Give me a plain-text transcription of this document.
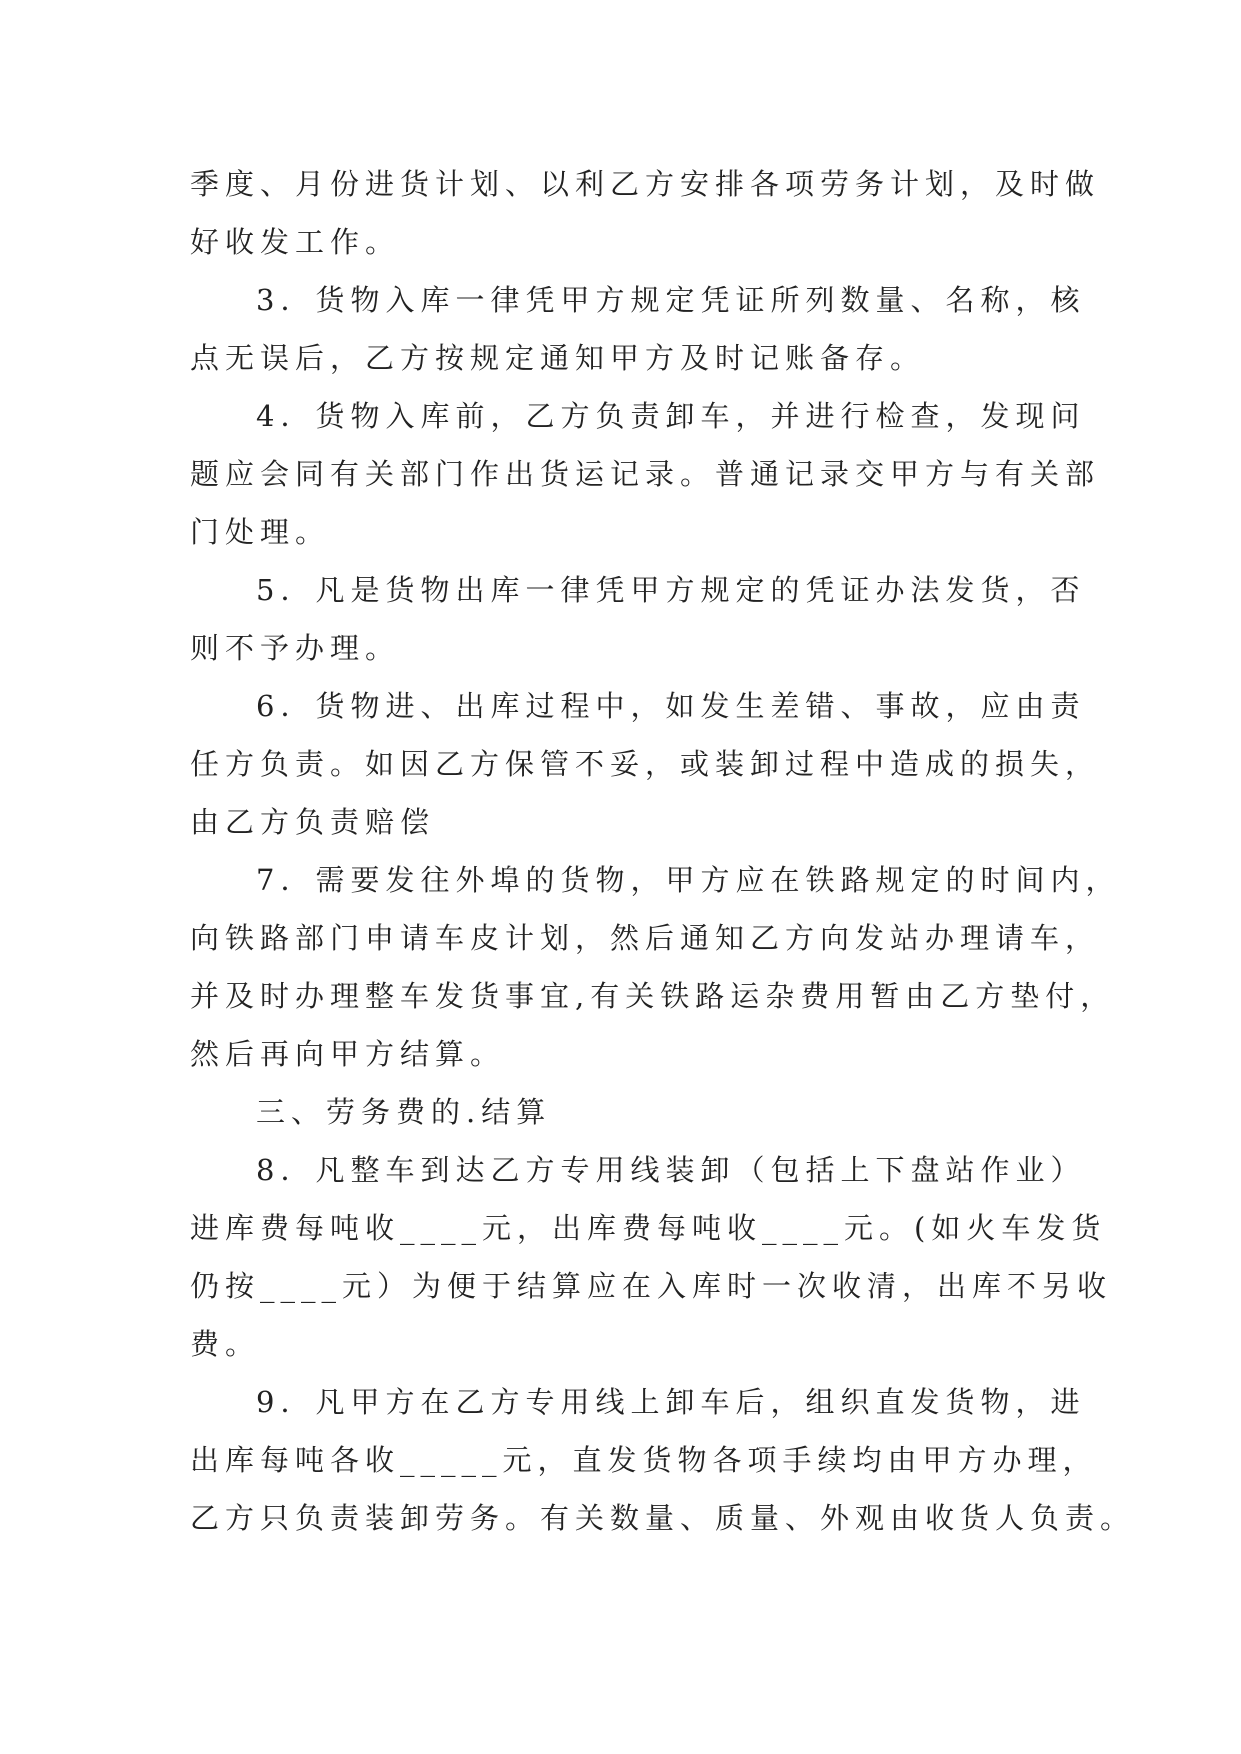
季度、月份进货计划、以利乙方安排各项劳务计划，及时做
好收发工作。
3．货物入库一律凭甲方规定凭证所列数量、名称，核
点无误后，乙方按规定通知甲方及时记账备存。
4．货物入库前，乙方负责卸车，并进行检查，发现问
题应会同有关部门作出货运记录。普通记录交甲方与有关部
门处理。
5．凡是货物出库一律凭甲方规定的凭证办法发货，否
则不予办理。
6．货物进、出库过程中，如发生差错、事故，应由责
任方负责。如因乙方保管不妥，或装卸过程中造成的损失，
由乙方负责赔偿
7．需要发往外埠的货物，甲方应在铁路规定的时间内，
向铁路部门申请车皮计划，然后通知乙方向发站办理请车，
并及时办理整车发货事宜,有关铁路运杂费用暂由乙方垫付，
然后再向甲方结算。
三、劳务费的.结算
8．凡整车到达乙方专用线装卸（包括上下盘站作业）
进库费每吨收____元，出库费每吨收____元。(如火车发货
仍按____元）为便于结算应在入库时一次收清，出库不另收
费。
9．凡甲方在乙方专用线上卸车后，组织直发货物，进
出库每吨各收_____元，直发货物各项手续均由甲方办理，
乙方只负责装卸劳务。有关数量、质量、外观由收货人负责。
